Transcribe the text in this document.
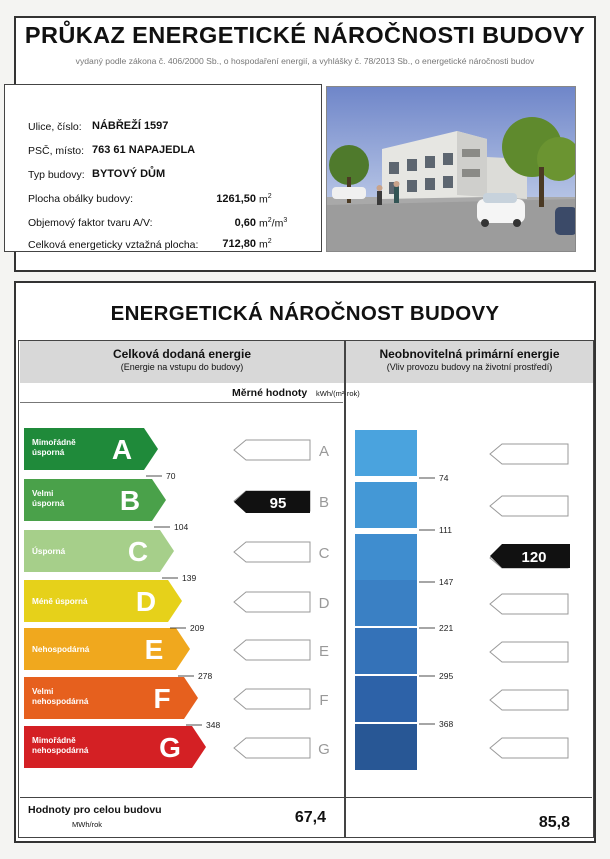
PRŮKAZ ENERGETICKÉ NÁROČNOSTI BUDOVY
vydaný podle zákona č. 406/2000 Sb., o hospodaření energií, a vyhlášky č. 78/2013 Sb., o energetické náročnosti budov
Ulice, číslo: NÁBŘEŽÍ 1597
PSČ, místo: 763 61 NAPAJEDLA
Typ budovy: BYTOVÝ DŮM
Plocha obálky budovy:	1261,50 $m^2$
Objemový faktor tvaru A/V:	0,60 $m^2/m^3$
Celková energeticky vztažná plocha:	712,80 $m^2$
ENERGETICKÁ NÁROČNOST BUDOVY
Celková dodaná energie
(Energie na vstupu do budovy)
Neobnovitelná primární energie
(Vliv provozu budovy na životní prostředí)
Měrné hodnoty kWh/(m²·rok)
Mimořádně
úsporná A
Velmi
úsporná B
Úsporná C
Méně úsporná D
Nehospodárná E
Velmi
nehospodárná F
Mimořádně
nehospodárná	G
70
104
139
209
278
348
A
B
C
D
E
F
G
95
74
111
147
221
295
368
120
Hodnoty pro celou budovu
MWh/rok	67,4	85,8
